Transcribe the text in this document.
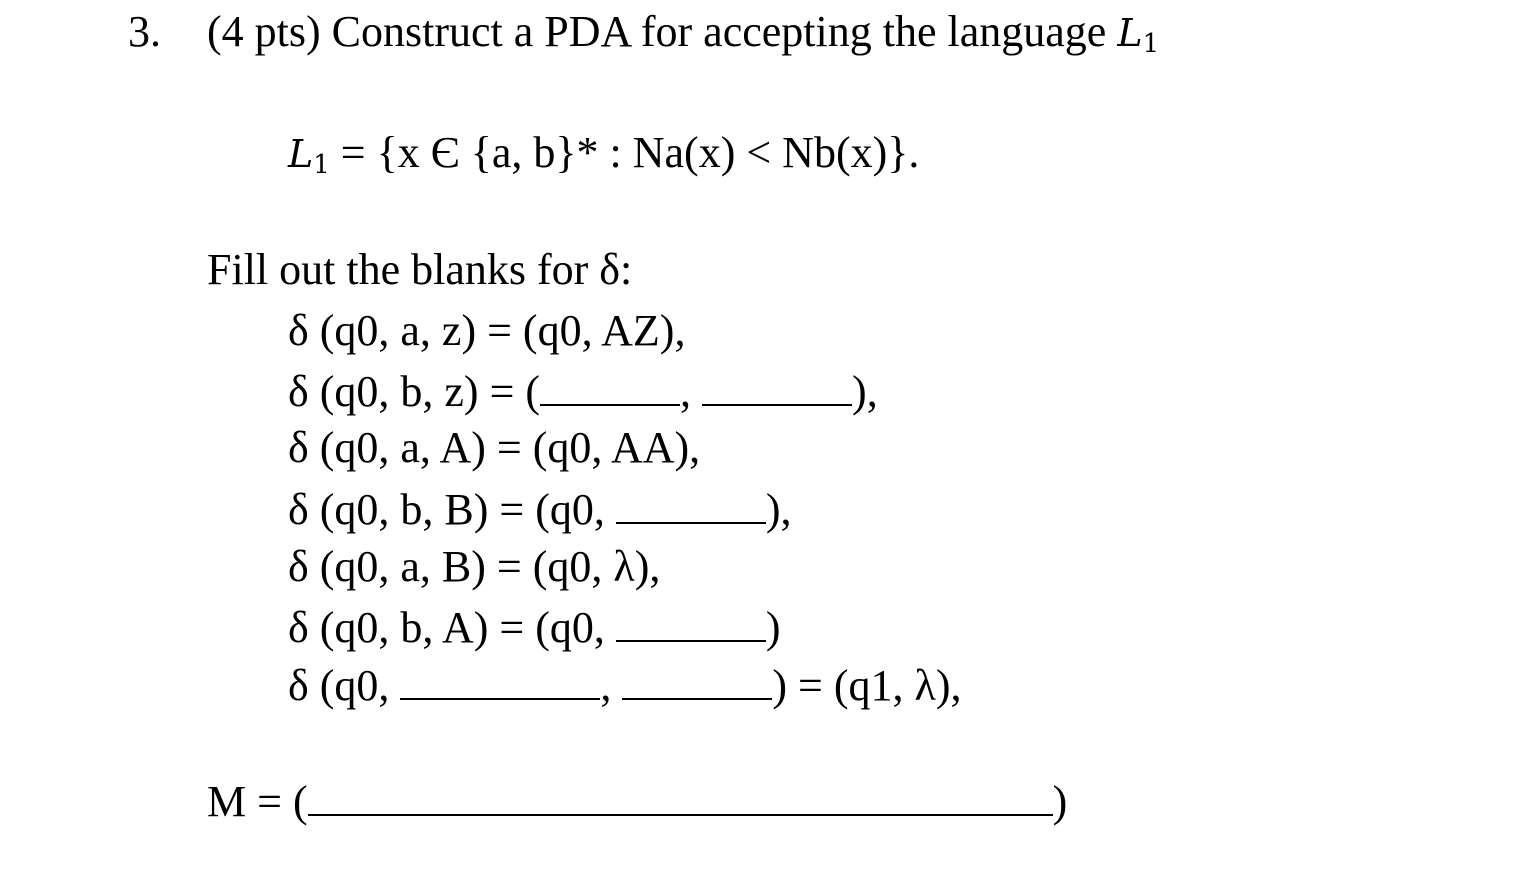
3. (4 pts) Construct a PDA for accepting the language L1
L1 = {x Є {a, b}* : Na(x) < Nb(x)}.
Fill out the blanks for δ:
δ (q0, a, z) = (q0, AZ),
δ (q0, b, z) = (	,	),
δ (q0, a, A) = (q0, AA),
δ (q0, b, B) = (q0,	),
δ (q0, a, B) = (q0, λ),
δ (q0, b, A) = (q0,	)
δ (q0,	,	) = (q1, λ),
M = (	)
